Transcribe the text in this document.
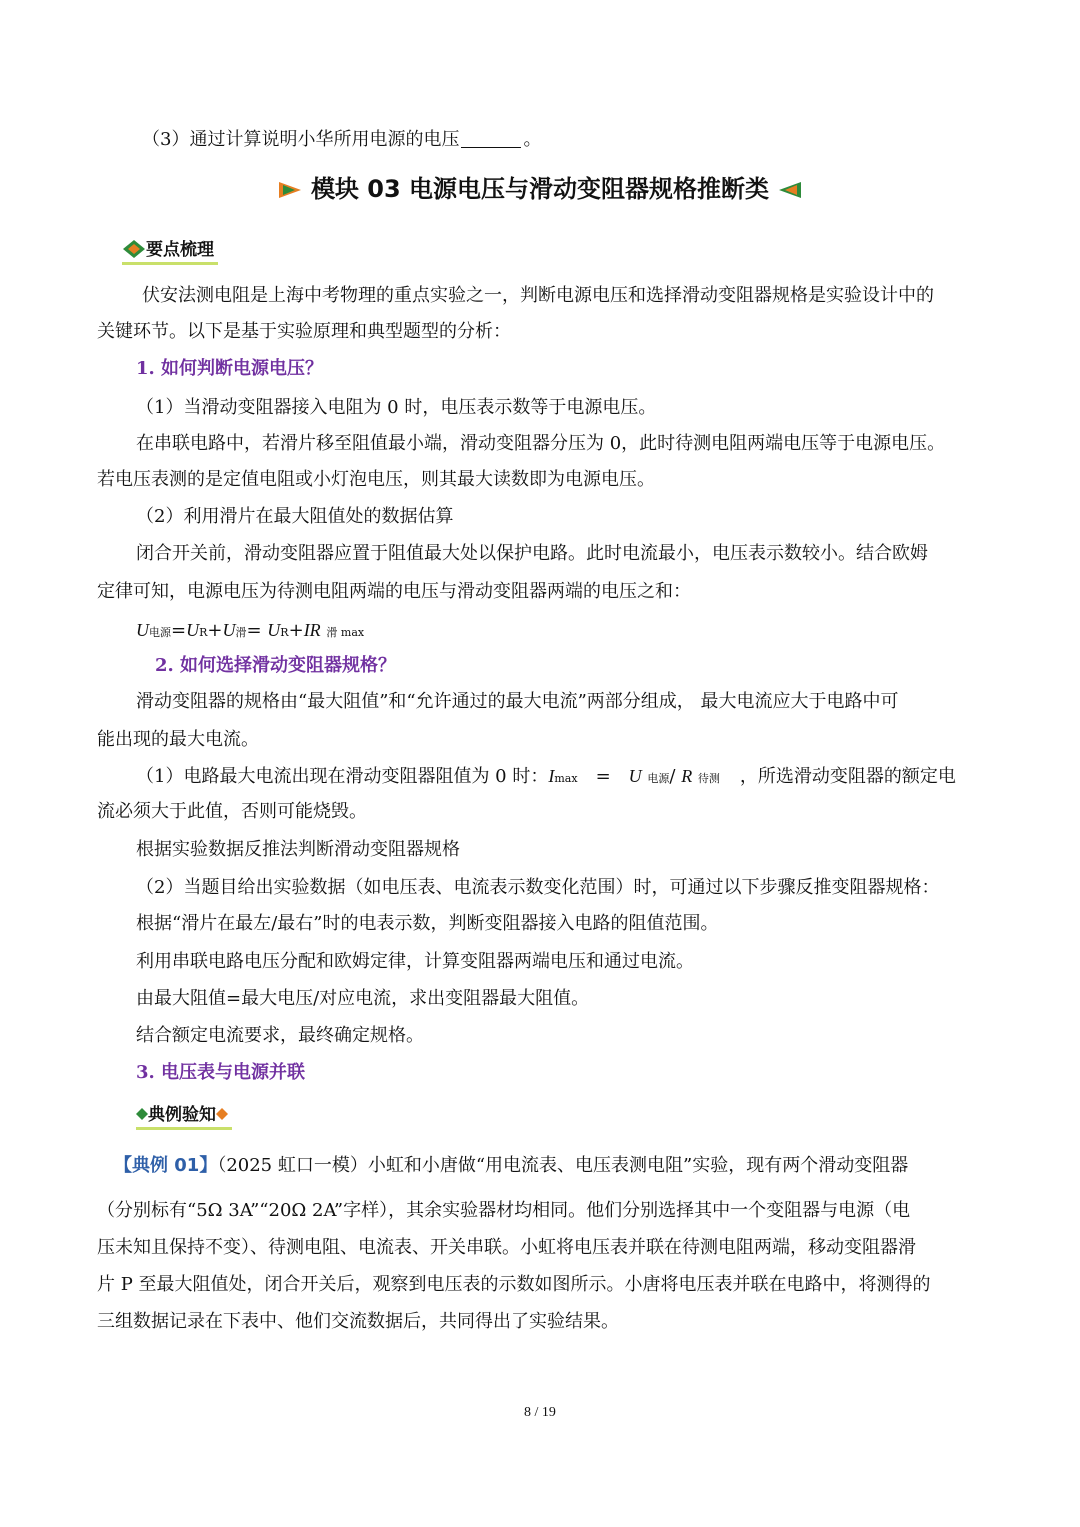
（3）通过计算说明小华所用电源的电压	。
模块 03 电源电压与滑动变阻器规格推断类
要点梳理
伏安法测电阻是上海中考物理的重点实验之一，判断电源电压和选择滑动变阻器规格是实验设计中的
关键环节。以下是基于实验原理和典型题型的分析：
1. 如何判断电源电压？
（1）当滑动变阻器接入电阻为 0 时，电压表示数等于电源电压。
在串联电路中，若滑片移至阻值最小端，滑动变阻器分压为 0，此时待测电阻两端电压等于电源电压。
若电压表测的是定值电阻或小灯泡电压，则其最大读数即为电源电压。
（2）利用滑片在最大阻值处的数据估算
闭合开关前，滑动变阻器应置于阻值最大处以保护电路。此时电流最小，电压表示数较小。结合欧姆
定律可知，电源电压为待测电阻两端的电压与滑动变阻器两端的电压之和：
U电源=UR+U滑= UR+IR 滑 max
2. 如何选择滑动变阻器规格？
滑动变阻器的规格由“最大阻值”和“允许通过的最大电流”两部分组成， 最大电流应大于电路中可
能出现的最大电流。
（1）电路最大电流出现在滑动变阻器阻值为 0 时：Imax = U 电源/ R 待测 ，所选滑动变阻器的额定电
流必须大于此值，否则可能烧毁。
根据实验数据反推法判断滑动变阻器规格
（2）当题目给出实验数据（如电压表、电流表示数变化范围）时，可通过以下步骤反推变阻器规格：
根据“滑片在最左/最右”时的电表示数，判断变阻器接入电路的阻值范围。
利用串联电路电压分配和欧姆定律，计算变阻器两端电压和通过电流。
由最大阻值=最大电压/对应电流，求出变阻器最大阻值。
结合额定电流要求，最终确定规格。
3. 电压表与电源并联
典例验知
【典例 01】（2025 虹口一模）小虹和小唐做“用电流表、电压表测电阻”实验，现有两个滑动变阻器
（分别标有“5Ω 3A”“20Ω 2A”字样），其余实验器材均相同。他们分别选择其中一个变阻器与电源（电
压未知且保持不变）、待测电阻、电流表、开关串联。小虹将电压表并联在待测电阻两端，移动变阻器滑
片 P 至最大阻值处，闭合开关后，观察到电压表的示数如图所示。小唐将电压表并联在电路中，将测得的
三组数据记录在下表中、他们交流数据后，共同得出了实验结果。
8 / 19
